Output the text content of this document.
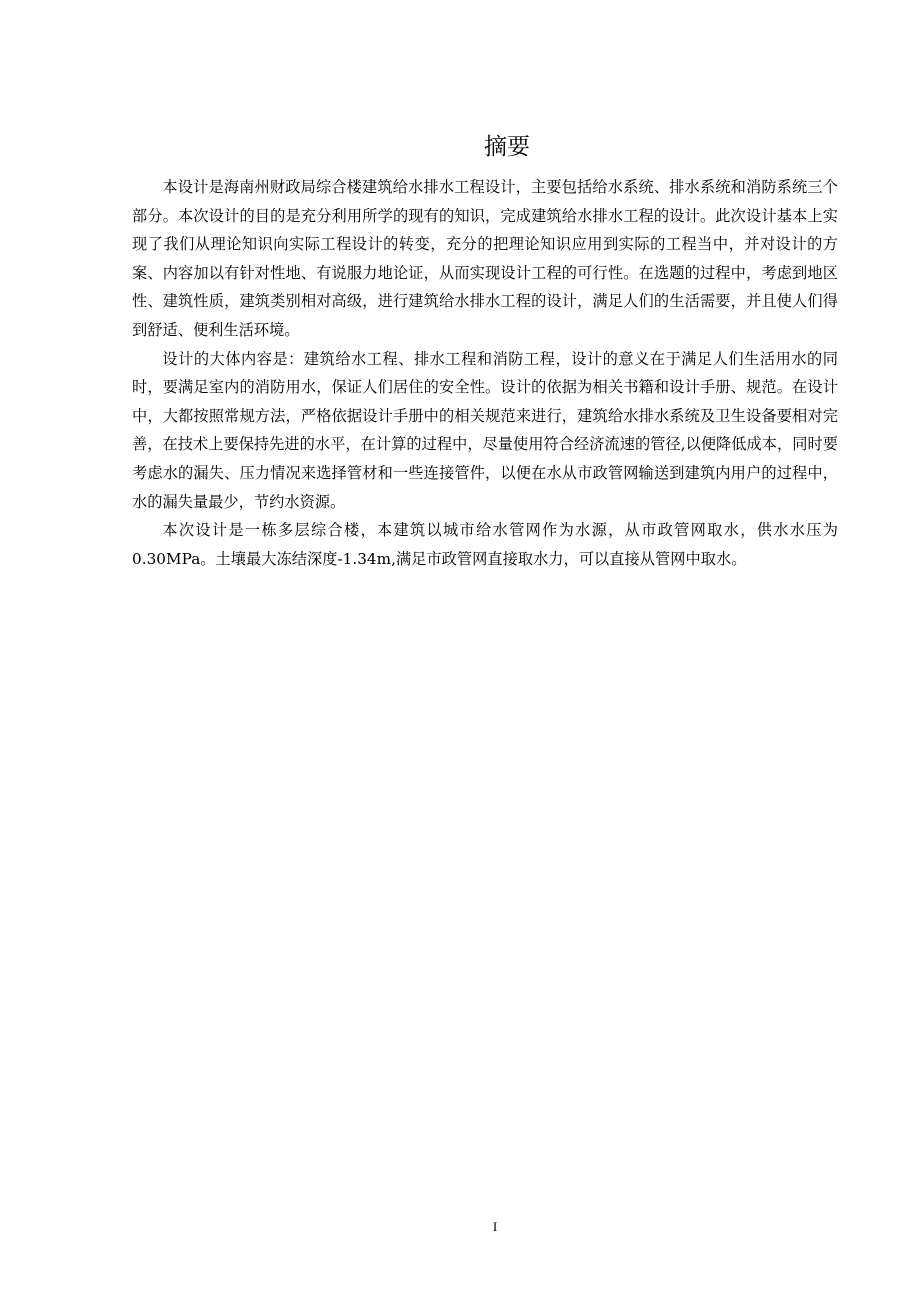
摘要

本设计是海南州财政局综合楼建筑给水排水工程设计，主要包括给水系统、排水系统和消防系统三个部分。本次设计的目的是充分利用所学的现有的知识，完成建筑给水排水工程的设计。此次设计基本上实现了我们从理论知识向实际工程设计的转变，充分的把理论知识应用到实际的工程当中，并对设计的方案、内容加以有针对性地、有说服力地论证，从而实现设计工程的可行性。在选题的过程中，考虑到地区性、建筑性质，建筑类别相对高级，进行建筑给水排水工程的设计，满足人们的生活需要，并且使人们得到舒适、便利生活环境。

设计的大体内容是：建筑给水工程、排水工程和消防工程，设计的意义在于满足人们生活用水的同时，要满足室内的消防用水，保证人们居住的安全性。设计的依据为相关书籍和设计手册、规范。在设计中，大都按照常规方法，严格依据设计手册中的相关规范来进行，建筑给水排水系统及卫生设备要相对完善，在技术上要保持先进的水平，在计算的过程中，尽量使用符合经济流速的管径,以便降低成本，同时要考虑水的漏失、压力情况来选择管材和一些连接管件，以便在水从市政管网输送到建筑内用户的过程中，水的漏失量最少，节约水资源。

本次设计是一栋多层综合楼，本建筑以城市给水管网作为水源，从市政管网取水，供水水压为0.30MPa。土壤最大冻结深度-1.34m,满足市政管网直接取水力，可以直接从管网中取水。

I
